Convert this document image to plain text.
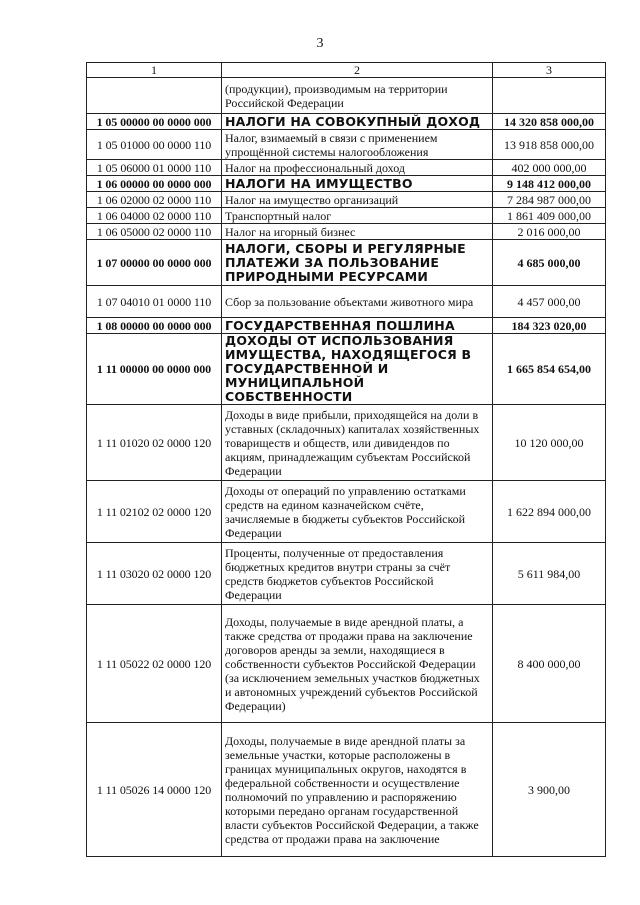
3
1	2	3
	(продукции), производимым на территории Российской Федерации	
1 05 00000 00 0000 000	НАЛОГИ НА СОВОКУПНЫЙ ДОХОД	14 320 858 000,00
1 05 01000 00 0000 110	Налог, взимаемый в связи с применением упрощённой системы налогообложения	13 918 858 000,00
1 05 06000 01 0000 110	Налог на профессиональный доход	402 000 000,00
1 06 00000 00 0000 000	НАЛОГИ НА ИМУЩЕСТВО	9 148 412 000,00
1 06 02000 02 0000 110	Налог на имущество организаций	7 284 987 000,00
1 06 04000 02 0000 110	Транспортный налог	1 861 409 000,00
1 06 05000 02 0000 110	Налог на игорный бизнес	2 016 000,00
1 07 00000 00 0000 000	НАЛОГИ, СБОРЫ И РЕГУЛЯРНЫЕ ПЛАТЕЖИ ЗА ПОЛЬЗОВАНИЕ ПРИРОДНЫМИ РЕСУРСАМИ	4 685 000,00
1 07 04010 01 0000 110	Сбор за пользование объектами животного мира	4 457 000,00
1 08 00000 00 0000 000	ГОСУДАРСТВЕННАЯ ПОШЛИНА	184 323 020,00
1 11 00000 00 0000 000	ДОХОДЫ ОТ ИСПОЛЬЗОВАНИЯ ИМУЩЕСТВА, НАХОДЯЩЕГОСЯ В ГОСУДАРСТВЕННОЙ И МУНИЦИПАЛЬНОЙ СОБСТВЕННОСТИ	1 665 854 654,00
1 11 01020 02 0000 120	Доходы в виде прибыли, приходящейся на доли в уставных (складочных) капиталах хозяйственных товариществ и обществ, или дивидендов по акциям, принадлежащим субъектам Российской Федерации	10 120 000,00
1 11 02102 02 0000 120	Доходы от операций по управлению остатками средств на едином казначейском счёте, зачисляемые в бюджеты субъектов Российской Федерации	1 622 894 000,00
1 11 03020 02 0000 120	Проценты, полученные от предоставления бюджетных кредитов внутри страны за счёт средств бюджетов субъектов Российской Федерации	5 611 984,00
1 11 05022 02 0000 120	Доходы, получаемые в виде арендной платы, а также средства от продажи права на заключение договоров аренды за земли, находящиеся в собственности субъектов Российской Федерации (за исключением земельных участков бюджетных и автономных учреждений субъектов Российской Федерации)	8 400 000,00
1 11 05026 14 0000 120	Доходы, получаемые в виде арендной платы за земельные участки, которые расположены в границах муниципальных округов, находятся в федеральной собственности и осуществление полномочий по управлению и распоряжению которыми передано органам государственной власти субъектов Российской Федерации, а также средства от продажи права на заключение	3 900,00
